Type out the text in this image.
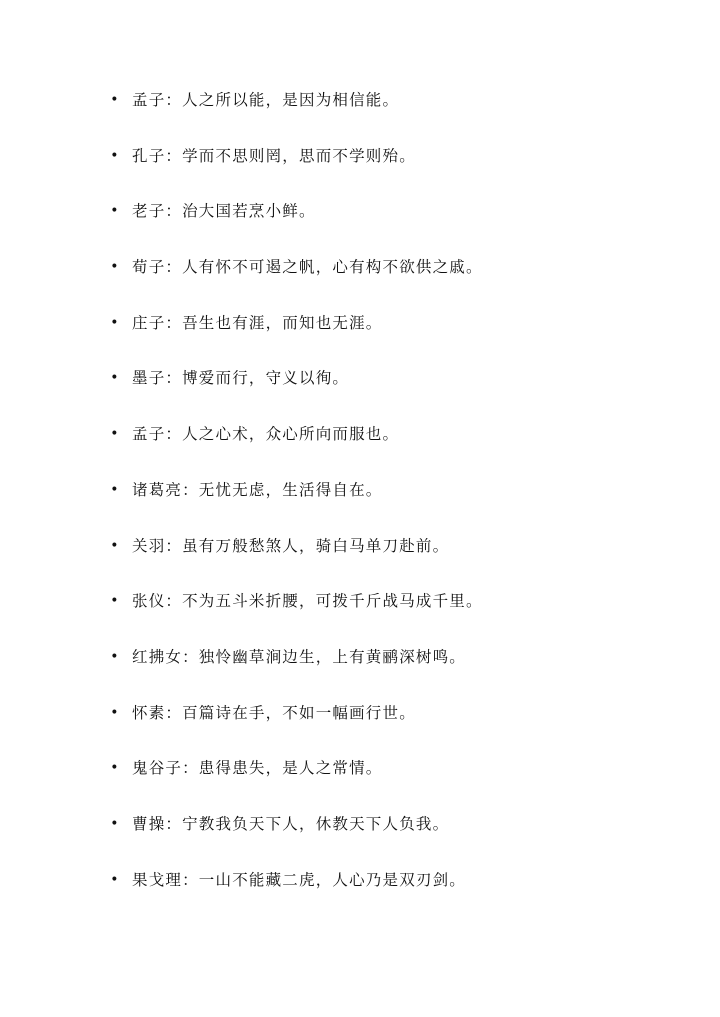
• 孟子：人之所以能，是因为相信能。
• 孔子：学而不思则罔，思而不学则殆。
• 老子：治大国若烹小鲜。
• 荀子：人有怀不可遏之帆，心有构不欲供之戚。
• 庄子：吾生也有涯，而知也无涯。
• 墨子：博爱而行，守义以徇。
• 孟子：人之心术，众心所向而服也。
• 诸葛亮：无忧无虑，生活得自在。
• 关羽：虽有万般愁煞人，骑白马单刀赴前。
• 张仪：不为五斗米折腰，可拨千斤战马成千里。
• 红拂女：独怜幽草涧边生，上有黄鹂深树鸣。
• 怀素：百篇诗在手，不如一幅画行世。
• 鬼谷子：患得患失，是人之常情。
• 曹操：宁教我负天下人，休教天下人负我。
• 果戈理：一山不能藏二虎，人心乃是双刃剑。
